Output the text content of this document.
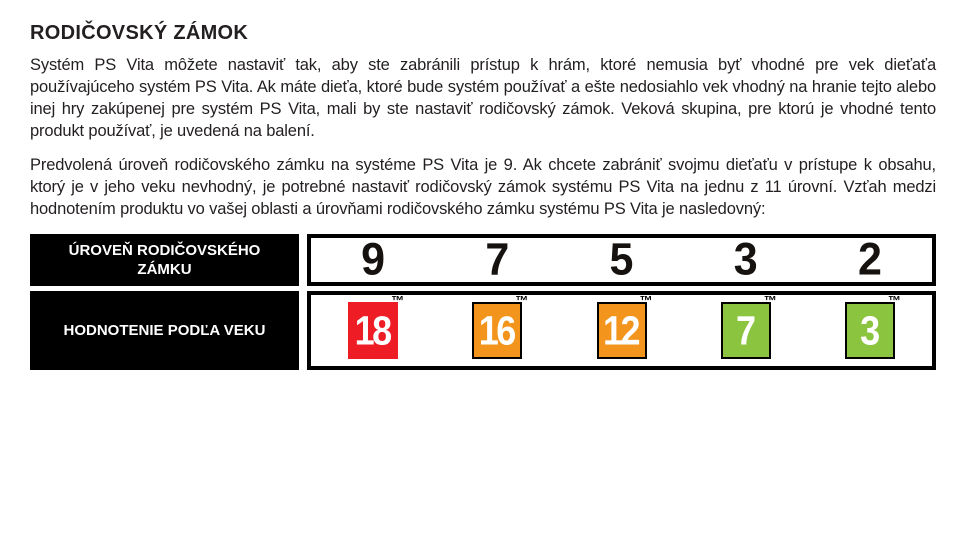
RODIČOVSKÝ ZÁMOK

Systém PS Vita môžete nastaviť tak, aby ste zabránili prístup k hrám, ktoré nemusia byť vhodné pre vek dieťaťa používajúceho systém PS Vita. Ak máte dieťa, ktoré bude systém používať a ešte nedosiahlo vek vhodný na hranie tejto alebo inej hry zakúpenej pre systém PS Vita, mali by ste nastaviť rodičovský zámok. Veková skupina, pre ktorú je vhodné tento produkt používať, je uvedená na balení.

Predvolená úroveň rodičovského zámku na systéme PS Vita je 9. Ak chcete zabrániť svojmu dieťaťu v prístupe k obsahu, ktorý je v jeho veku nevhodný, je potrebné nastaviť rodičovský zámok systému PS Vita na jednu z 11 úrovní. Vzťah medzi hodnotením produktu vo vašej oblasti a úrovňami rodičovského zámku systému PS Vita je nasledovný:

ÚROVEŇ RODIČOVSKÉHO ZÁMKU	9 7 5 3 2
HODNOTENIE PODĽA VEKU	18
™
16
™
12
™
7
™
3
™
